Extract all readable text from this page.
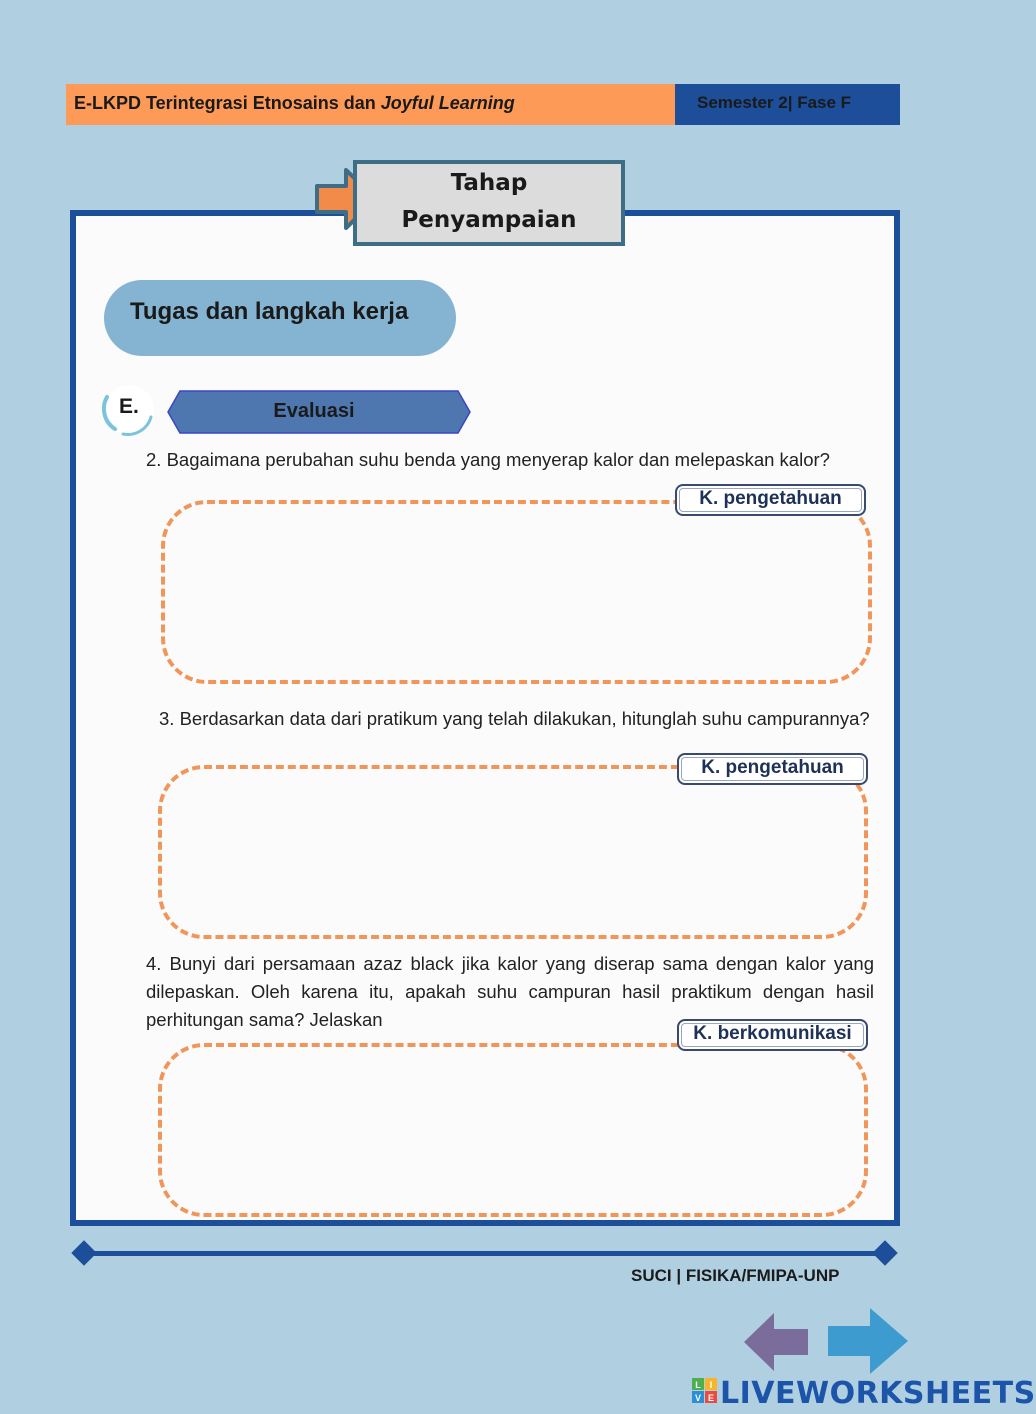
E-LKPD Terintegrasi Etnosains dan Joyful Learning	Semester 2| Fase F
Tahap
Penyampaian
Tugas dan langkah kerja
E.	Evaluasi
2. Bagaimana perubahan suhu benda yang menyerap kalor dan melepaskan kalor?
K. pengetahuan
3. Berdasarkan data dari pratikum yang telah dilakukan, hitunglah suhu campurannya?
K. pengetahuan
4. Bunyi dari persamaan azaz black jika kalor yang diserap sama dengan kalor yang dilepaskan. Oleh karena itu, apakah suhu campuran hasil praktikum dengan hasil perhitungan sama? Jelaskan
K. berkomunikasi
SUCI | FISIKA/FMIPA-UNP
L I
V E LIVEWORKSHEETS
